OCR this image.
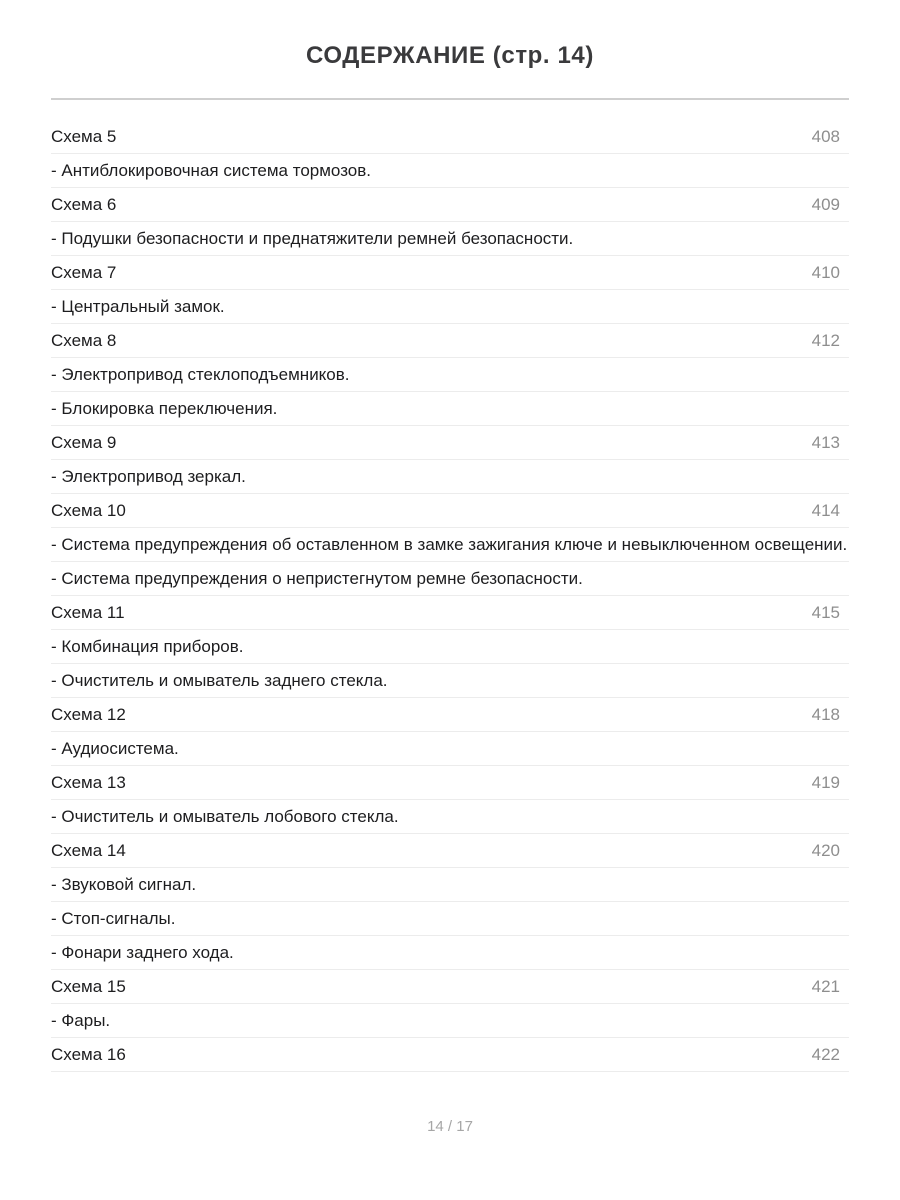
СОДЕРЖАНИЕ (стр. 14)
Схема 5	408
- Антиблокировочная система тормозов.
Схема 6	409
- Подушки безопасности и преднатяжители ремней безопасности.
Схема 7	410
- Центральный замок.
Схема 8	412
- Электропривод стеклоподъемников.
- Блокировка переключения.
Схема 9	413
- Электропривод зеркал.
Схема 10	414
- Система предупреждения об оставленном в замке зажигания ключе и невыключенном освещении.
- Система предупреждения о непристегнутом ремне безопасности.
Схема 11	415
- Комбинация приборов.
- Очиститель и омыватель заднего стекла.
Схема 12	418
- Аудиосистема.
Схема 13	419
- Очиститель и омыватель лобового стекла.
Схема 14	420
- Звуковой сигнал.
- Стоп-сигналы.
- Фонари заднего хода.
Схема 15	421
- Фары.
Схема 16	422
14 / 17
